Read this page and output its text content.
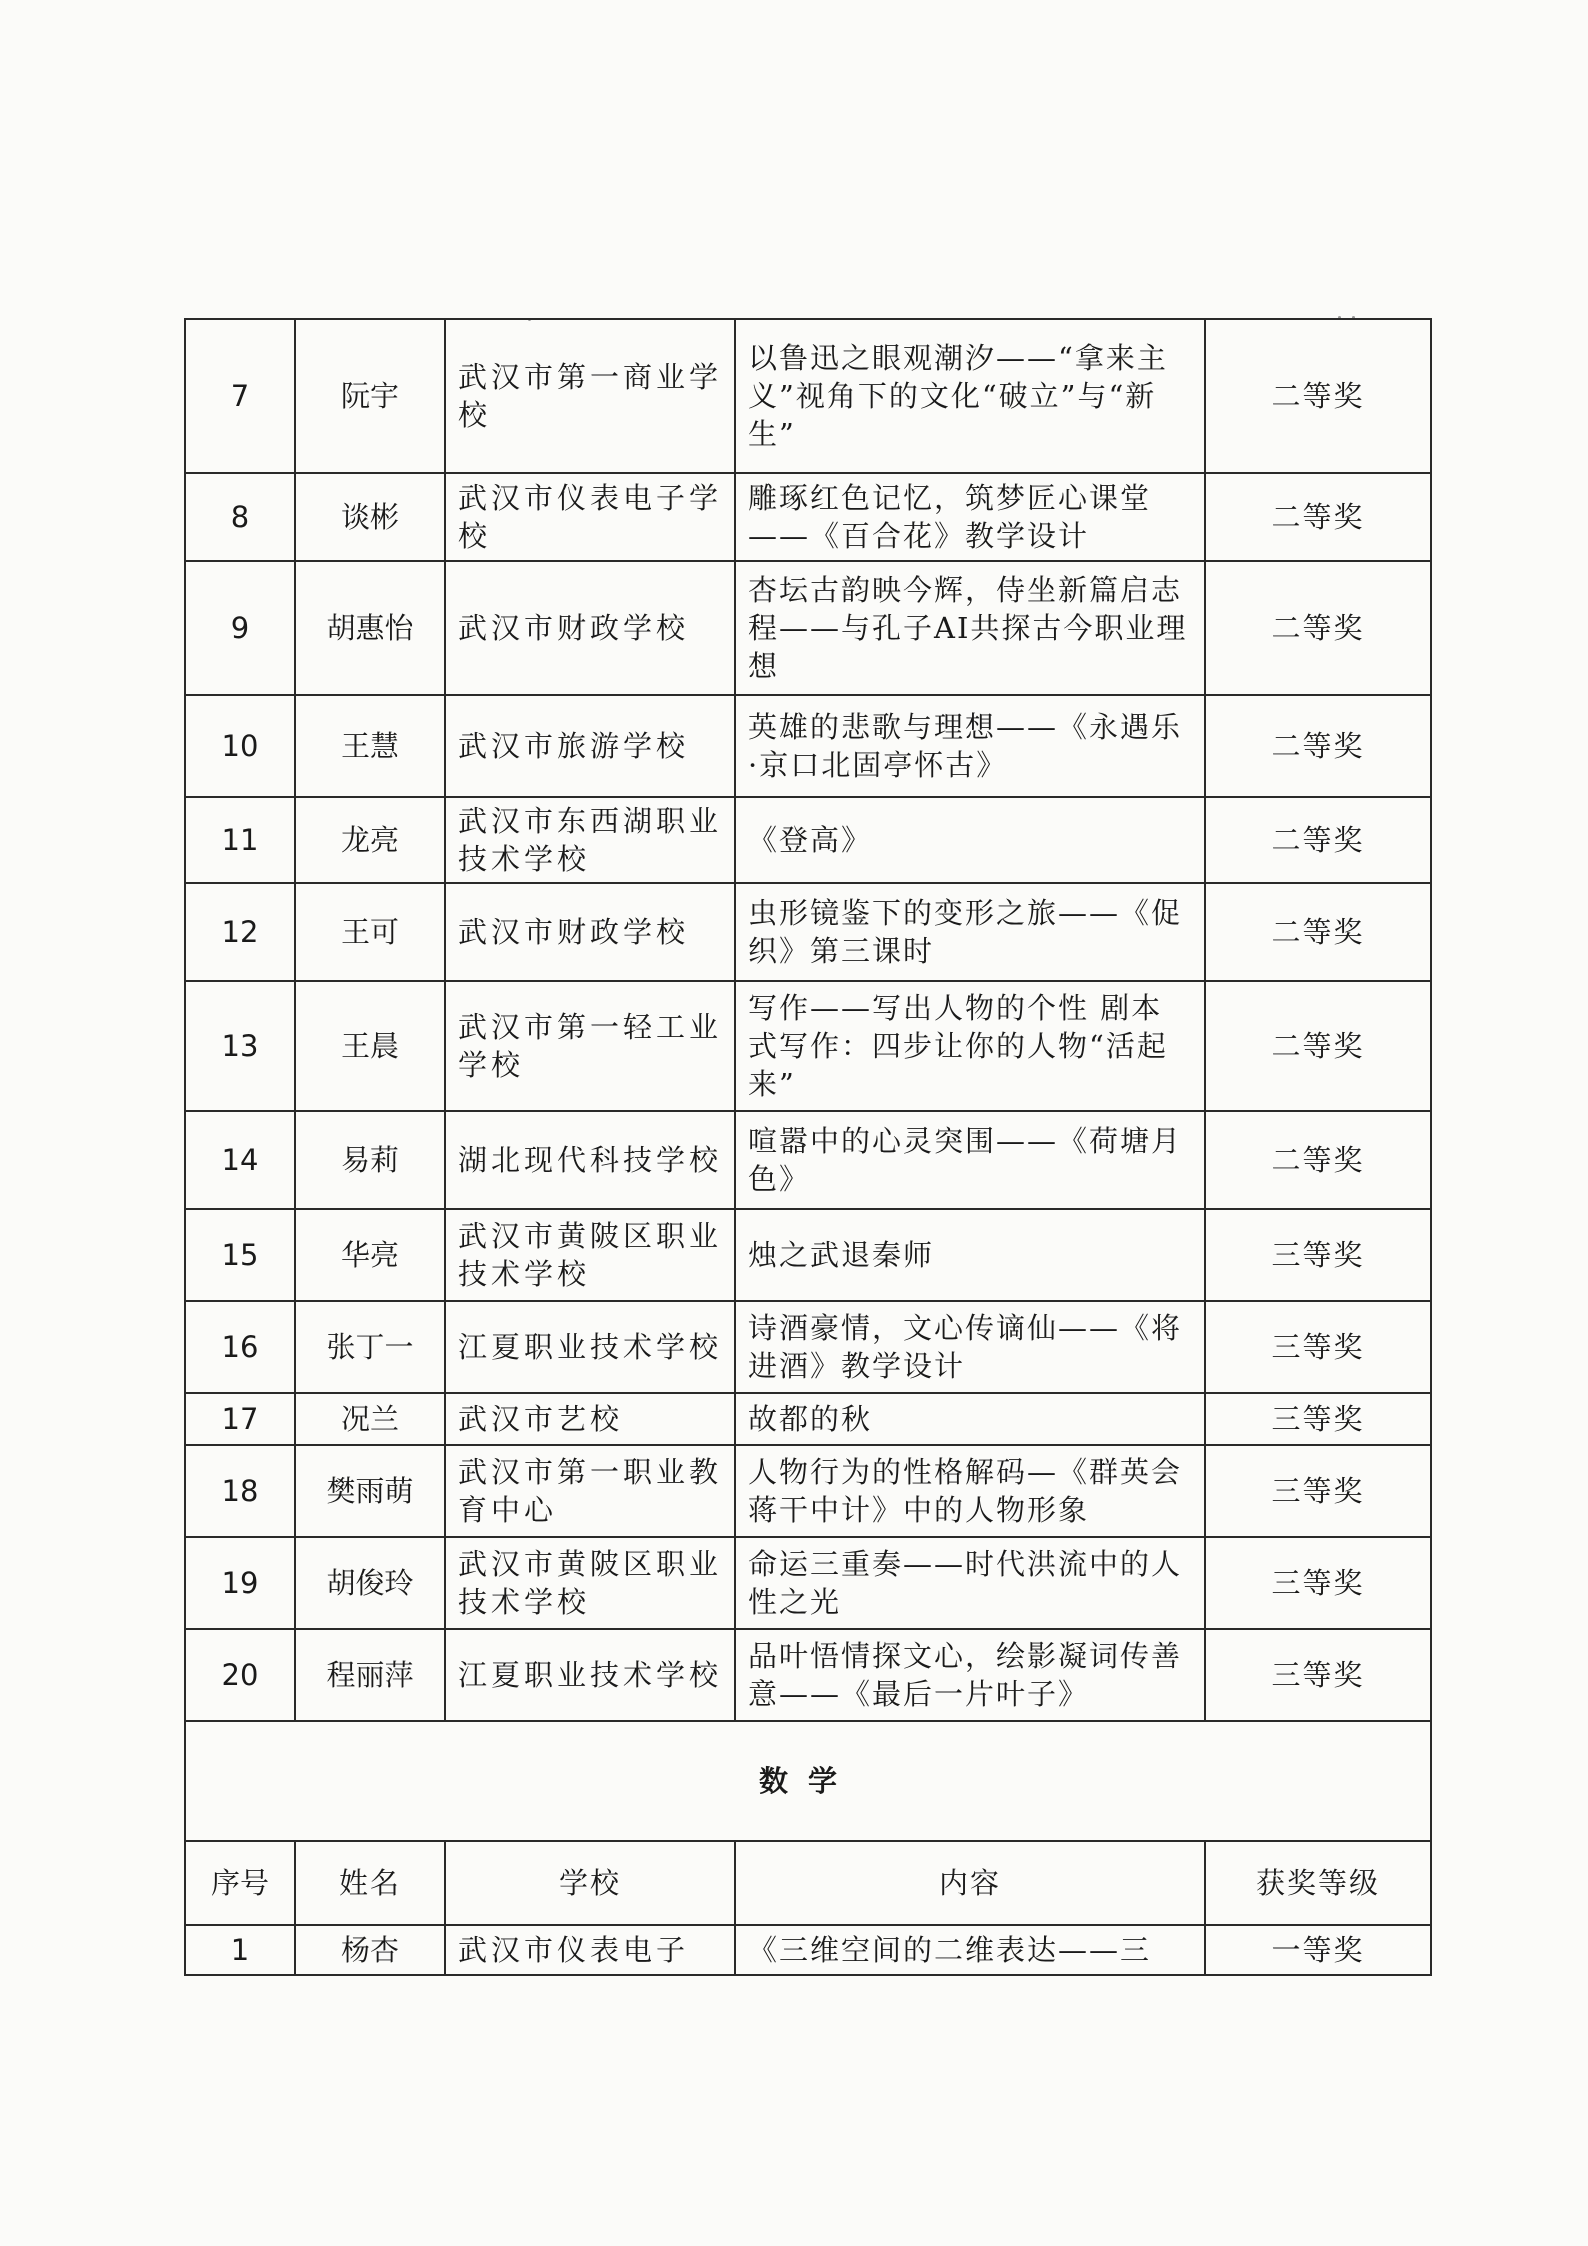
7	阮宇	武汉市第一商业学校	以鲁迅之眼观潮汐——“拿来主义”视角下的文化“破立”与“新生”	二等奖
8	谈彬	武汉市仪表电子学校	雕琢红色记忆，筑梦匠心课堂——《百合花》教学设计	二等奖
9	胡惠怡	武汉市财政学校	杏坛古韵映今辉，侍坐新篇启志程——与孔子AI共探古今职业理想	二等奖
10	王慧	武汉市旅游学校	英雄的悲歌与理想——《永遇乐·京口北固亭怀古》	二等奖
11	龙亮	武汉市东西湖职业技术学校	《登高》	二等奖
12	王可	武汉市财政学校	虫形镜鉴下的变形之旅——《促织》第三课时	二等奖
13	王晨	武汉市第一轻工业学校	写作——写出人物的个性 剧本式写作：四步让你的人物“活起来”	二等奖
14	易莉	湖北现代科技学校	喧嚣中的心灵突围——《荷塘月色》	二等奖
15	华亮	武汉市黄陂区职业技术学校	烛之武退秦师	三等奖
16	张丁一	江夏职业技术学校	诗酒豪情，文心传谪仙——《将进酒》教学设计	三等奖
17	况兰	武汉市艺校	故都的秋	三等奖
18	樊雨萌	武汉市第一职业教育中心	人物行为的性格解码—《群英会蒋干中计》中的人物形象	三等奖
19	胡俊玲	武汉市黄陂区职业技术学校	命运三重奏——时代洪流中的人性之光	三等奖
20	程丽萍	江夏职业技术学校	品叶悟情探文心，绘影凝词传善意——《最后一片叶子》	三等奖
数学				
序号	姓名	学校	内容	获奖等级
1	杨杏	武汉市仪表电子	《三维空间的二维表达——三	一等奖
